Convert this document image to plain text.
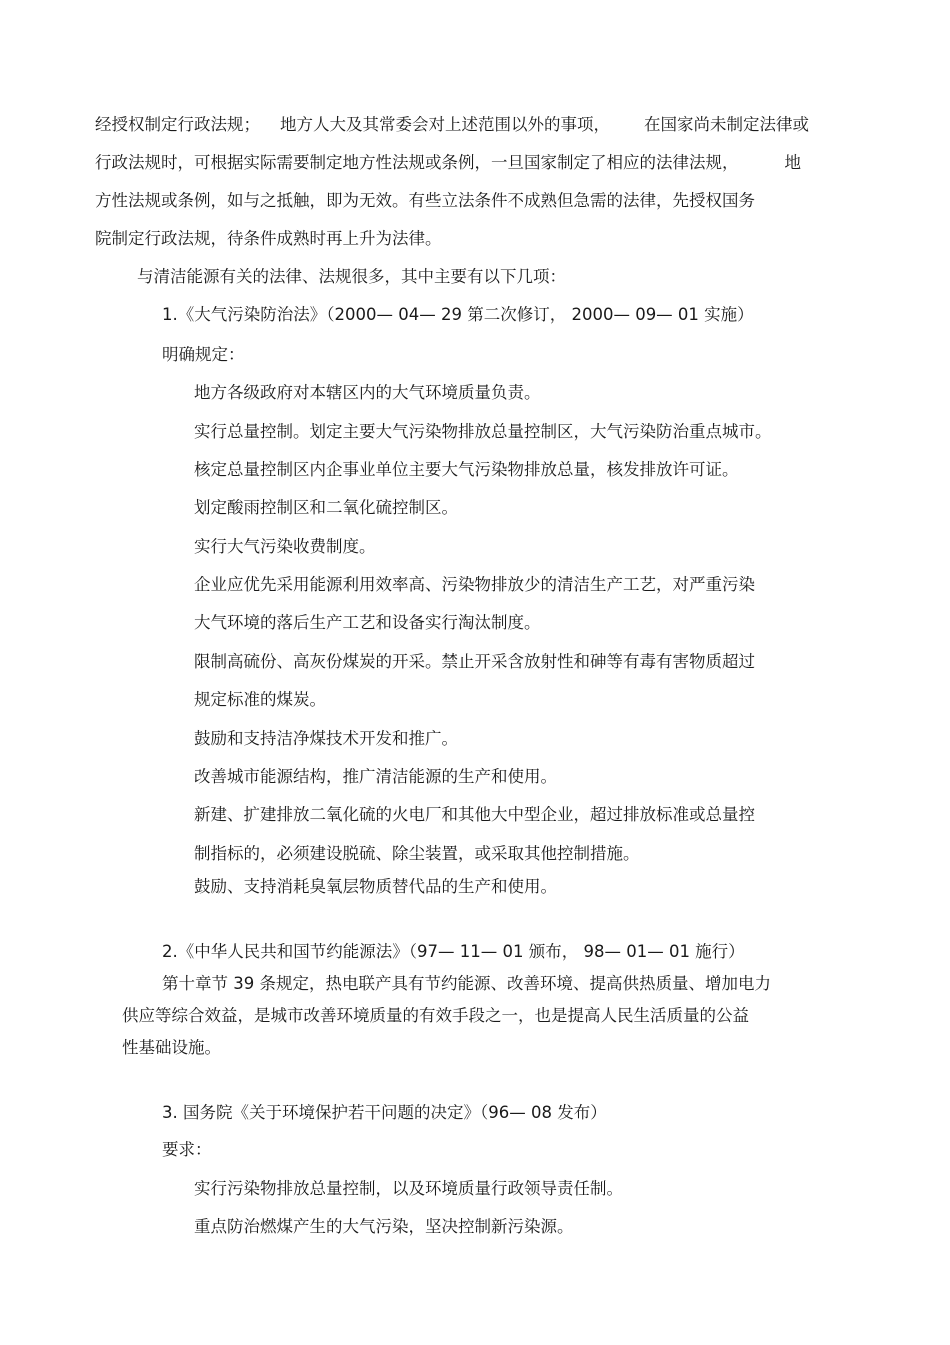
经授权制定行政法规； 地方人大及其常委会对上述范围以外的事项， 在国家尚未制定法律或
行政法规时，可根据实际需要制定地方性法规或条例，一旦国家制定了相应的法律法规，	地

方性法规或条例，如与之抵触，即为无效。有些立法条件不成熟但急需的法律，先授权国务

院制定行政法规，待条件成熟时再上升为法律。

与清洁能源有关的法律、法规很多，其中主要有以下几项：

1.《大气污染防治法》（2000— 04— 29 第二次修订， 2000— 09— 01 实施）

明确规定：

地方各级政府对本辖区内的大气环境质量负责。

实行总量控制。划定主要大气污染物排放总量控制区，大气污染防治重点城市。

核定总量控制区内企事业单位主要大气污染物排放总量，核发排放许可证。

划定酸雨控制区和二氧化硫控制区。

实行大气污染收费制度。

企业应优先采用能源利用效率高、污染物排放少的清洁生产工艺，对严重污染

大气环境的落后生产工艺和设备实行淘汰制度。

限制高硫份、高灰份煤炭的开采。禁止开采含放射性和砷等有毒有害物质超过

规定标准的煤炭。

鼓励和支持洁净煤技术开发和推广。

改善城市能源结构，推广清洁能源的生产和使用。

新建、扩建排放二氧化硫的火电厂和其他大中型企业，超过排放标准或总量控

制指标的，必须建设脱硫、除尘装置，或采取其他控制措施。

鼓励、支持消耗臭氧层物质替代品的生产和使用。

2.《中华人民共和国节约能源法》（97— 11— 01 颁布， 98— 01— 01 施行）

第十章节 39 条规定，热电联产具有节约能源、改善环境、提高供热质量、增加电力

供应等综合效益，是城市改善环境质量的有效手段之一，也是提高人民生活质量的公益

性基础设施。

3. 国务院《关于环境保护若干问题的决定》（96— 08 发布）

要求：

实行污染物排放总量控制，以及环境质量行政领导责任制。

重点防治燃煤产生的大气污染，坚决控制新污染源。
